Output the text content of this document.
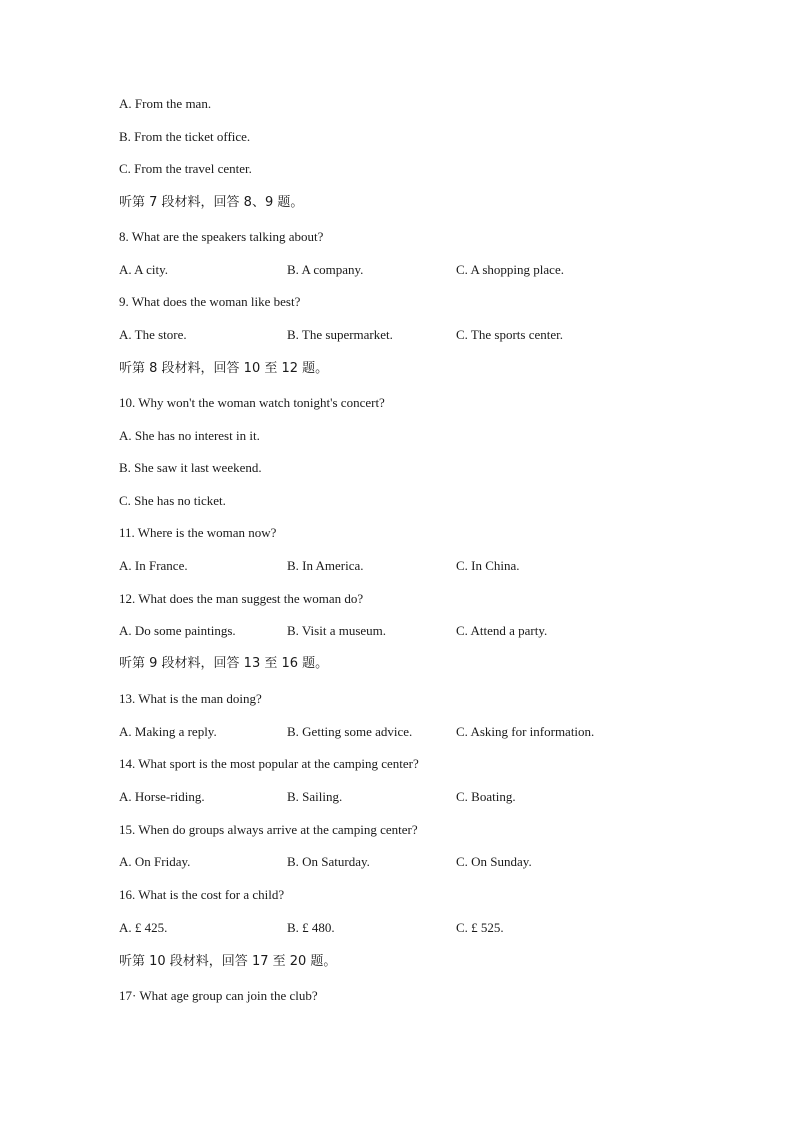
A. From the man.
B. From the ticket office.
C. From the travel center.
听第 7 段材料，回答 8、9 题。
8. What are the speakers talking about?
A. A city.	B. A company.	C. A shopping place.
9. What does the woman like best?
A. The store.	B. The supermarket.	C. The sports center.
听第 8 段材料，回答 10 至 12 题。
10. Why won't the woman watch tonight's concert?
A. She has no interest in it.
B. She saw it last weekend.
C. She has no ticket.
11. Where is the woman now?
A. In France.	B. In America.	C. In China.
12. What does the man suggest the woman do?
A. Do some paintings.	B. Visit a museum.	C. Attend a party.
听第 9 段材料，回答 13 至 16 题。
13. What is the man doing?
A. Making a reply.	B. Getting some advice.	C. Asking for information.
14. What sport is the most popular at the camping center?
A. Horse-riding.	B. Sailing.	C. Boating.
15. When do groups always arrive at the camping center?
A. On Friday.	B. On Saturday.	C. On Sunday.
16. What is the cost for a child?
A. £ 425.	B. £ 480.	C. £ 525.
听第 10 段材料，回答 17 至 20 题。
17· What age group can join the club?
